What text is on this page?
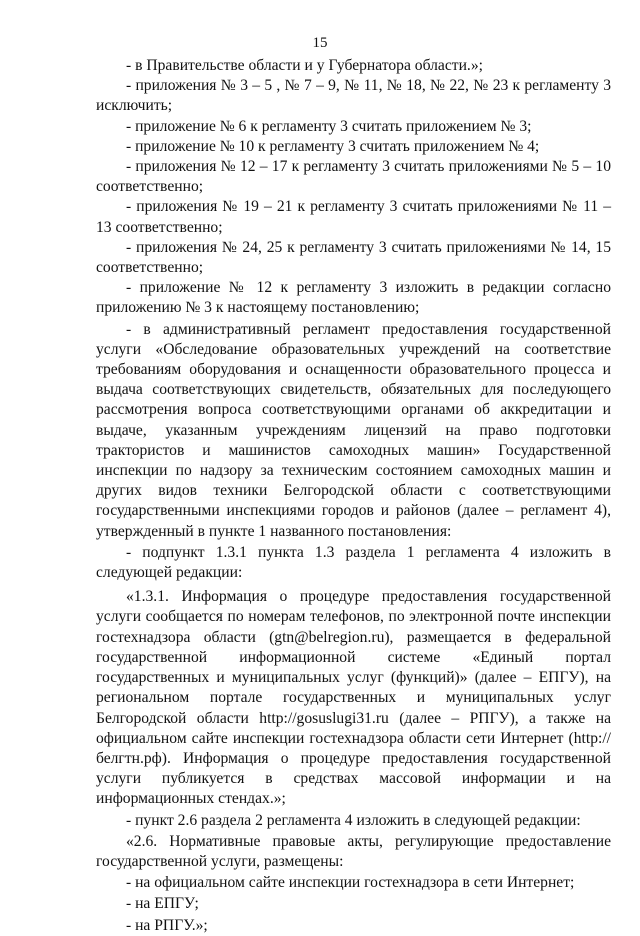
15

- в Правительстве области и у Губернатора области.»;

- приложения № 3 – 5 , № 7 – 9, № 11, № 18, № 22, № 23 к регламенту 3 исключить;

- приложение № 6 к регламенту 3 считать приложением № 3;

- приложение № 10 к регламенту 3 считать приложением № 4;

- приложения № 12 – 17 к регламенту 3 считать приложениями № 5 – 10 соответственно;

- приложения № 19 – 21 к регламенту 3 считать приложениями № 11 – 13 соответственно;

- приложения № 24, 25 к регламенту 3 считать приложениями № 14, 15 соответственно;

- приложение № 12 к регламенту 3 изложить в редакции согласно приложению № 3 к настоящему постановлению;

- в административный регламент предоставления государственной услуги «Обследование образовательных учреждений на соответствие требованиям оборудования и оснащенности образовательного процесса и выдача соответствующих свидетельств, обязательных для последующего рассмотрения вопроса соответствующими органами об аккредитации и выдаче, указанным учреждениям лицензий на право подготовки трактористов и машинистов самоходных машин» Государственной инспекции по надзору за техническим состоянием самоходных машин и других видов техники Белгородской области с соответствующими государственными инспекциями городов и районов (далее – регламент 4), утвержденный в пункте 1 названного постановления:

- подпункт 1.3.1 пункта 1.3 раздела 1 регламента 4 изложить в следующей редакции:

«1.3.1. Информация о процедуре предоставления государственной услуги сообщается по номерам телефонов, по электронной почте инспекции гостехнадзора области (gtn@belregion.ru), размещается в федеральной государственной информационной системе «Единый портал государственных и муниципальных услуг (функций)» (далее – ЕПГУ), на региональном портале государственных и муниципальных услуг Белгородской области http://gosuslugi31.ru (далее – РПГУ), а также на официальном сайте инспекции гостехнадзора области сети Интернет (http://белгтн.рф). Информация о процедуре предоставления государственной услуги публикуется в средствах массовой информации и на информационных стендах.»;

- пункт 2.6 раздела 2 регламента 4 изложить в следующей редакции:

«2.6. Нормативные правовые акты, регулирующие предоставление государственной услуги, размещены:

- на официальном сайте инспекции гостехнадзора в сети Интернет;

- на ЕПГУ;

- на РПГУ.»;
